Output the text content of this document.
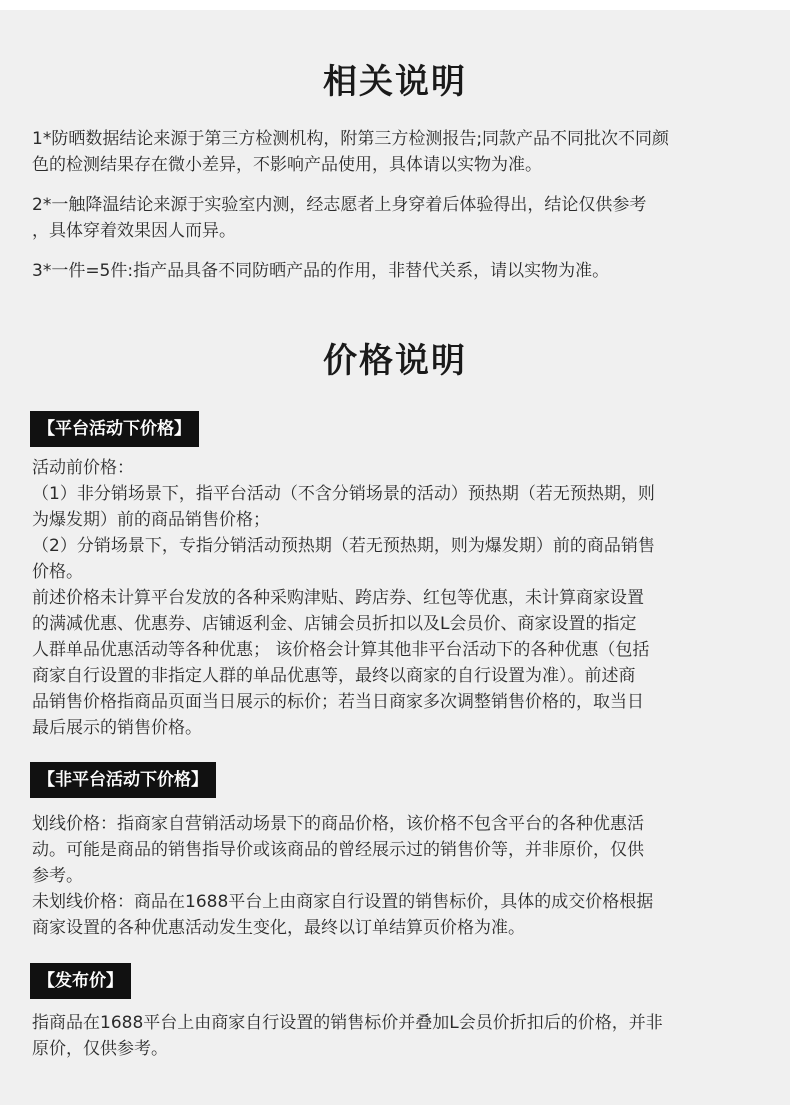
相关说明
1*防晒数据结论来源于第三方检测机构，附第三方检测报告;同款产品不同批次不同颜
色的检测结果存在微小差异，不影响产品使用，具体请以实物为准。
2*一触降温结论来源于实验室内测，经志愿者上身穿着后体验得出，结论仅供参考
，具体穿着效果因人而异。
3*一件=5件:指产品具备不同防晒产品的作用，非替代关系，请以实物为准。
价格说明
【平台活动下价格】
活动前价格：
（1）非分销场景下，指平台活动（不含分销场景的活动）预热期（若无预热期，则
为爆发期）前的商品销售价格；
（2）分销场景下，专指分销活动预热期（若无预热期，则为爆发期）前的商品销售
价格。
前述价格未计算平台发放的各种采购津贴、跨店券、红包等优惠，未计算商家设置
的满减优惠、优惠券、店铺返利金、店铺会员折扣以及L会员价、商家设置的指定
人群单品优惠活动等各种优惠； 该价格会计算其他非平台活动下的各种优惠（包括
商家自行设置的非指定人群的单品优惠等，最终以商家的自行设置为准）。前述商
品销售价格指商品页面当日展示的标价；若当日商家多次调整销售价格的，取当日
最后展示的销售价格。
【非平台活动下价格】
划线价格：指商家自营销活动场景下的商品价格，该价格不包含平台的各种优惠活
动。可能是商品的销售指导价或该商品的曾经展示过的销售价等，并非原价，仅供
参考。
未划线价格：商品在1688平台上由商家自行设置的销售标价，具体的成交价格根据
商家设置的各种优惠活动发生变化，最终以订单结算页价格为准。
【发布价】
指商品在1688平台上由商家自行设置的销售标价并叠加L会员价折扣后的价格，并非
原价，仅供参考。
